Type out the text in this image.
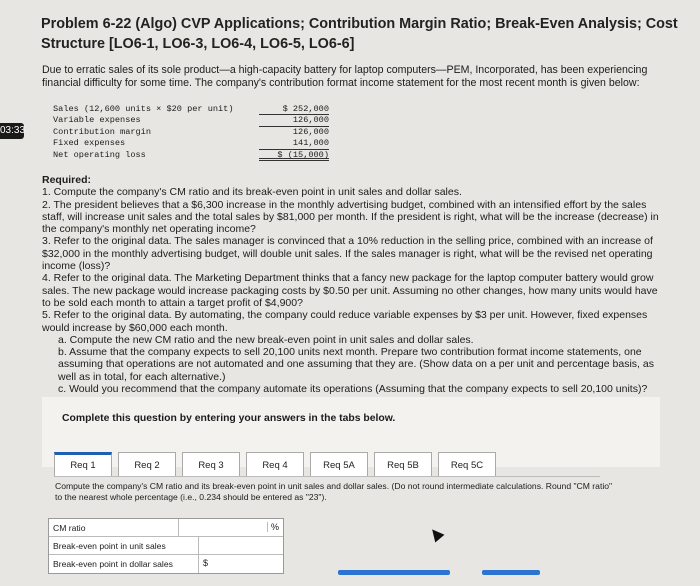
03:33
Problem 6-22 (Algo) CVP Applications; Contribution Margin Ratio; Break-Even Analysis; Cost Structure [LO6-1, LO6-3, LO6-4, LO6-5, LO6-6]
Due to erratic sales of its sole product—a high-capacity battery for laptop computers—PEM, Incorporated, has been experiencing financial difficulty for some time. The company's contribution format income statement for the most recent month is given below:
Sales (12,600 units × $20 per unit)	$ 252,000
Variable expenses	126,000
Contribution margin	126,000
Fixed expenses	141,000
Net operating loss	$ (15,000)

Required:

1. Compute the company's CM ratio and its break-even point in unit sales and dollar sales.

2. The president believes that a $6,300 increase in the monthly advertising budget, combined with an intensified effort by the sales staff, will increase unit sales and the total sales by $81,000 per month. If the president is right, what will be the increase (decrease) in the company's monthly net operating income?

3. Refer to the original data. The sales manager is convinced that a 10% reduction in the selling price, combined with an increase of $32,000 in the monthly advertising budget, will double unit sales. If the sales manager is right, what will be the revised net operating income (loss)?

4. Refer to the original data. The Marketing Department thinks that a fancy new package for the laptop computer battery would grow sales. The new package would increase packaging costs by $0.50 per unit. Assuming no other changes, how many units would have to be sold each month to attain a target profit of $4,900?

5. Refer to the original data. By automating, the company could reduce variable expenses by $3 per unit. However, fixed expenses would increase by $60,000 each month.

a. Compute the new CM ratio and the new break-even point in unit sales and dollar sales.

b. Assume that the company expects to sell 20,100 units next month. Prepare two contribution format income statements, one assuming that operations are not automated and one assuming that they are. (Show data on a per unit and percentage basis, as well as in total, for each alternative.)

c. Would you recommend that the company automate its operations (Assuming that the company expects to sell 20,100 units)?

Complete this question by entering your answers in the tabs below.
Req 1	Req 2	Req 3	Req 4	Req 5A	Req 5B	Req 5C
Compute the company's CM ratio and its break-even point in unit sales and dollar sales. (Do not round intermediate calculations. Round "CM ratio" to the nearest whole percentage (i.e., 0.234 should be entered as "23").
CM ratio	%
Break-even point in unit sales
Break-even point in dollar sales	$
